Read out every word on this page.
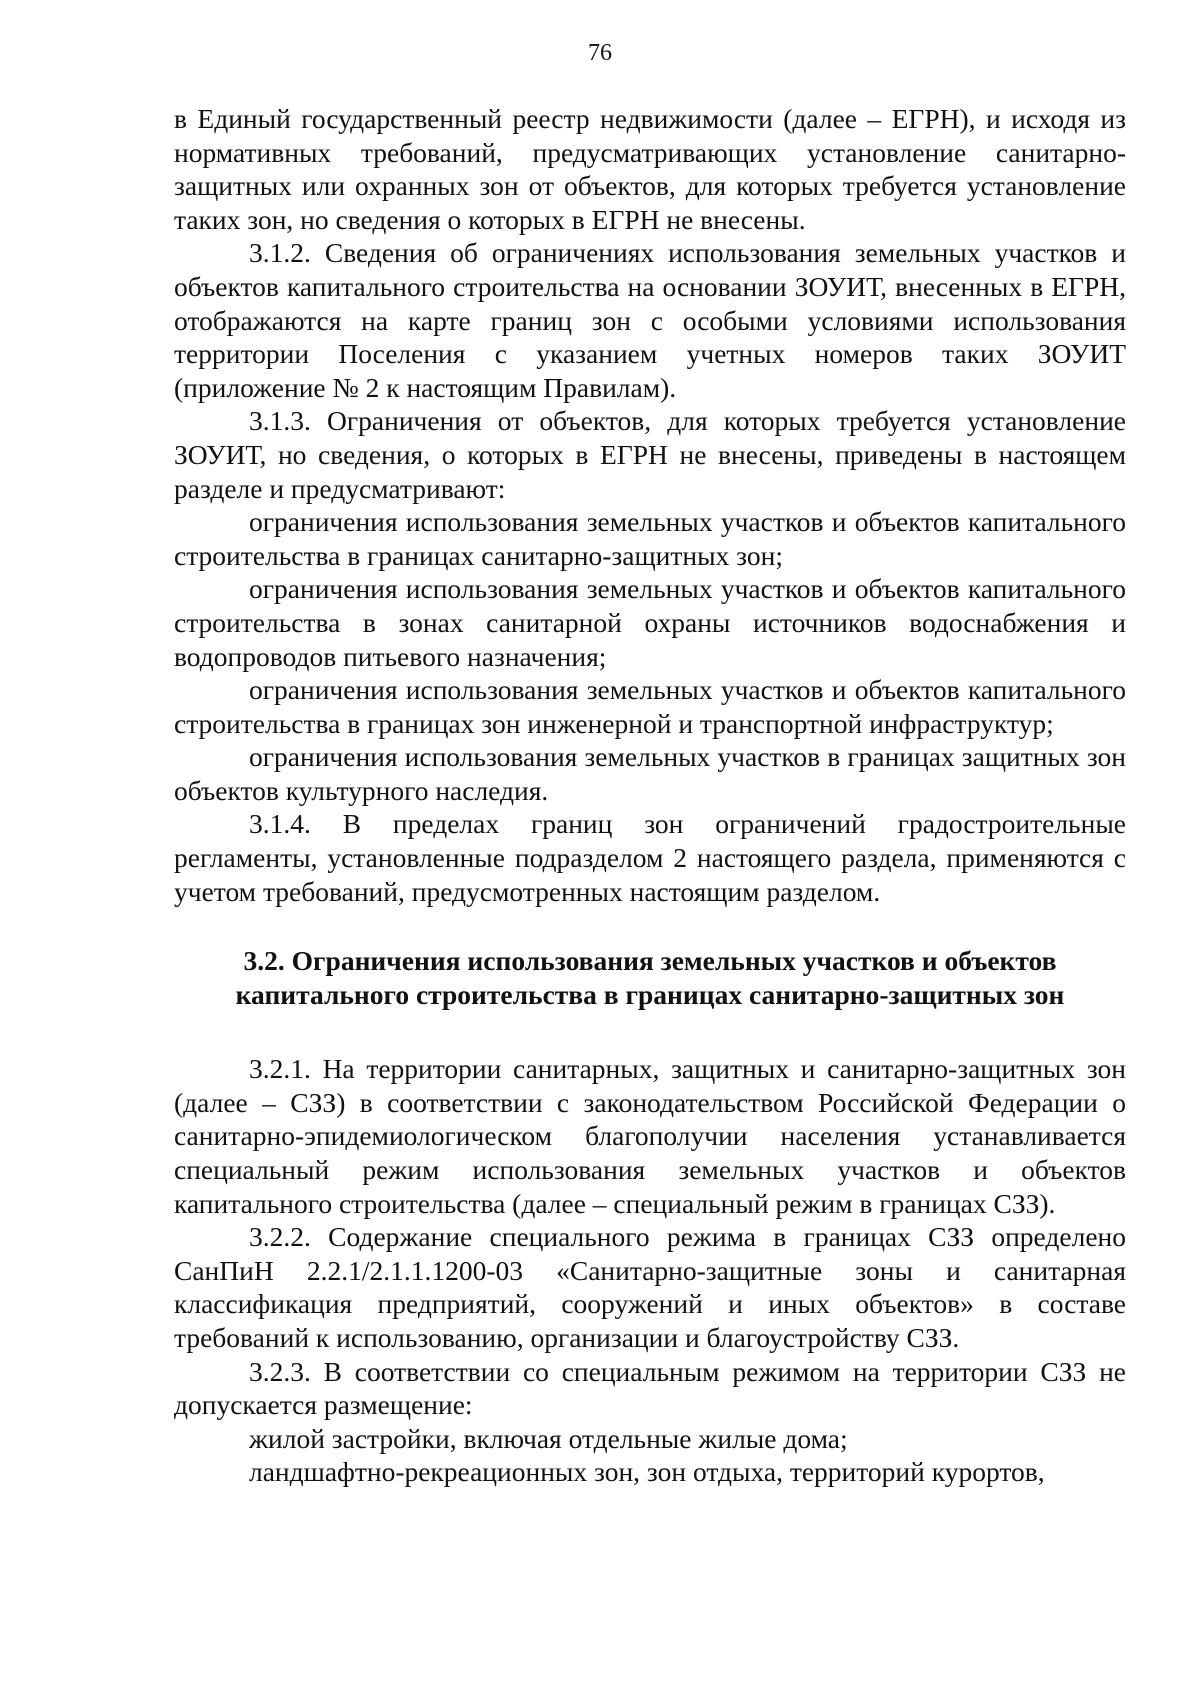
76

в Единый государственный реестр недвижимости (далее – ЕГРН), и исходя из нормативных требований, предусматривающих установление санитарно-защитных или охранных зон от объектов, для которых требуется установление таких зон, но сведения о которых в ЕГРН не внесены.

3.1.2. Сведения об ограничениях использования земельных участков и объектов капитального строительства на основании ЗОУИТ, внесенных в ЕГРН, отображаются на карте границ зон с особыми условиями использования территории Поселения с указанием учетных номеров таких ЗОУИТ (приложение № 2 к настоящим Правилам).

3.1.3. Ограничения от объектов, для которых требуется установление ЗОУИТ, но сведения, о которых в ЕГРН не внесены, приведены в настоящем разделе и предусматривают:

ограничения использования земельных участков и объектов капитального строительства в границах санитарно-защитных зон;

ограничения использования земельных участков и объектов капитального строительства в зонах санитарной охраны источников водоснабжения и водопроводов питьевого назначения;

ограничения использования земельных участков и объектов капитального строительства в границах зон инженерной и транспортной инфраструктур;

ограничения использования земельных участков в границах защитных зон объектов культурного наследия.

3.1.4. В пределах границ зон ограничений градостроительные регламенты, установленные подразделом 2 настоящего раздела, применяются с учетом требований, предусмотренных настоящим разделом.

3.2. Ограничения использования земельных участков и объектов
капитального строительства в границах санитарно-защитных зон

3.2.1. На территории санитарных, защитных и санитарно-защитных зон (далее – СЗЗ) в соответствии с законодательством Российской Федерации о санитарно-эпидемиологическом благополучии населения устанавливается специальный режим использования земельных участков и объектов капитального строительства (далее – специальный режим в границах СЗЗ).

3.2.2. Содержание специального режима в границах СЗЗ определено СанПиН 2.2.1/2.1.1.1200-03 «Санитарно-защитные зоны и санитарная классификация предприятий, сооружений и иных объектов» в составе требований к использованию, организации и благоустройству СЗЗ.

3.2.3. В соответствии со специальным режимом на территории СЗЗ не допускается размещение:

жилой застройки, включая отдельные жилые дома;

ландшафтно-рекреационных зон, зон отдыха, территорий курортов,
